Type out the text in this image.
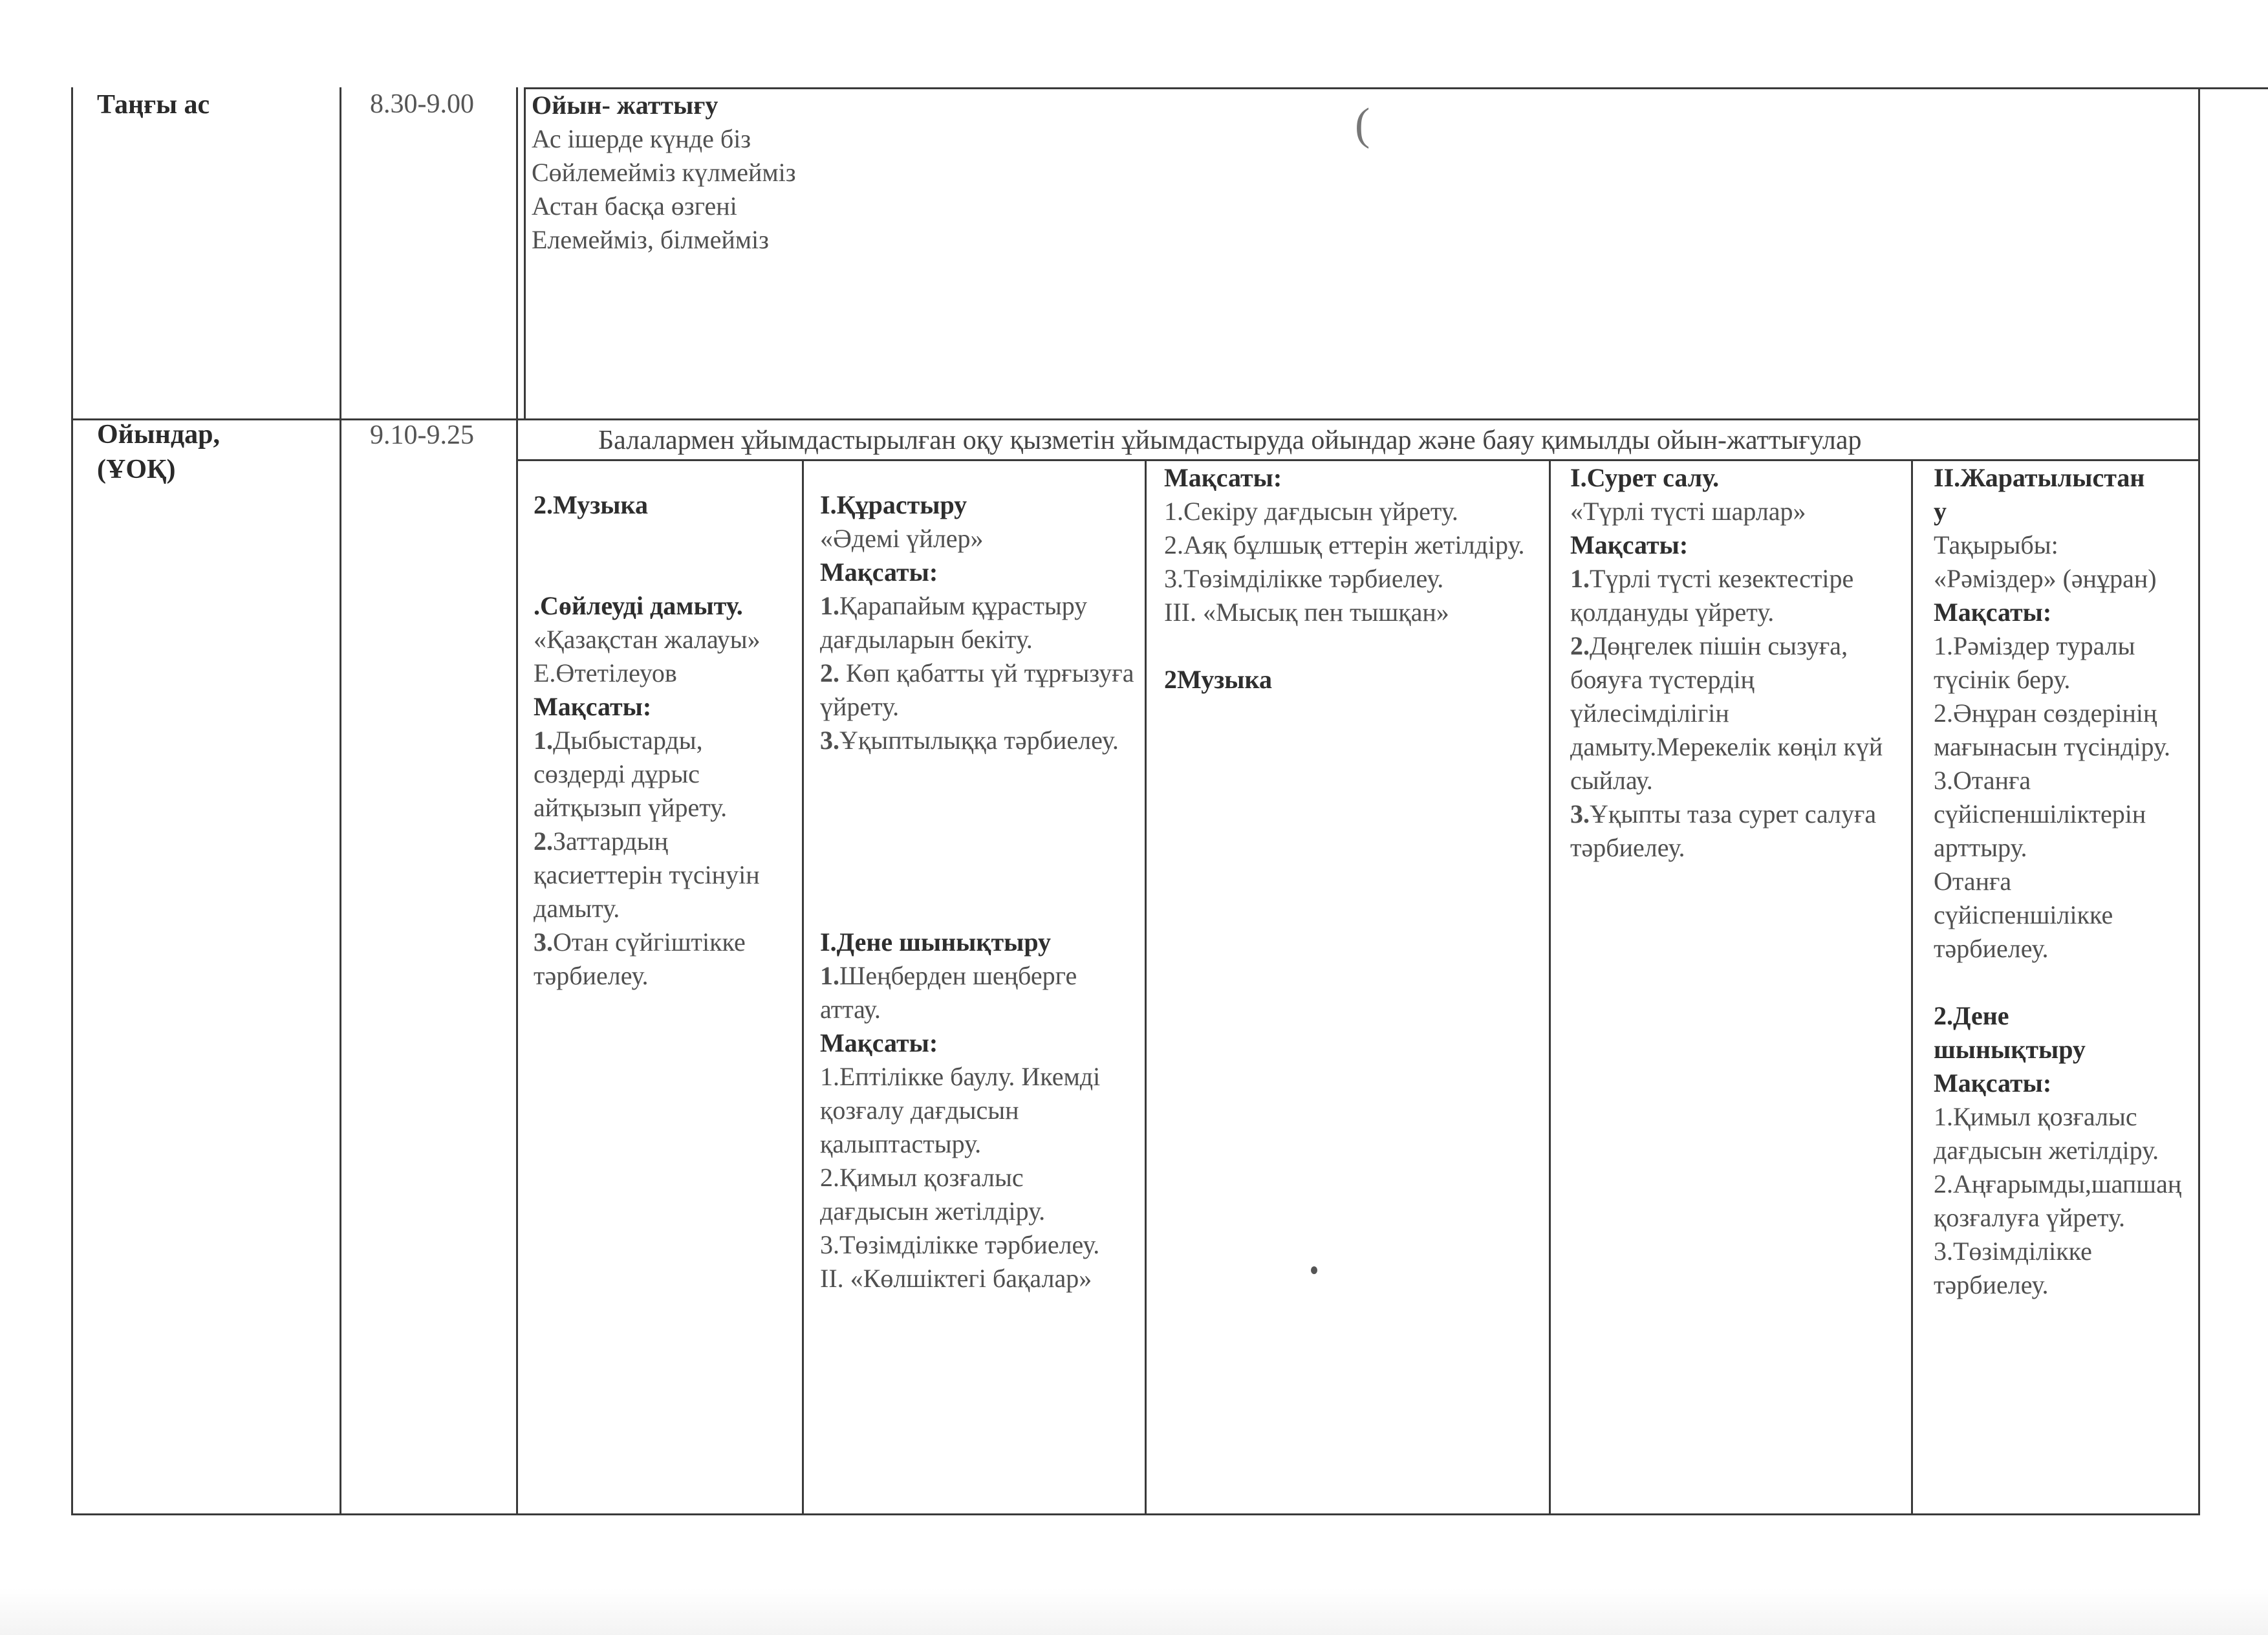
Таңғы ас	8.30-9.00 Ойын- жаттығу

Ас ішерде күнде біз

Сөйлемейміз күлмейміз

Астан басқа өзгені

Елемейміз, білмейміз

(

Ойындар,

(ҰОҚ)

9.10-9.25	Балалармен ұйымдастырылған оқу қызметін ұйымдастыруда ойындар және баяу қимылды ойын-жаттығулар

2.Музыка

.Сөйлеуді дамыту.

«Қазақстан жалауы»

Е.Өтетілеуов

Мақсаты:

1.Дыбыстарды, сөздерді дұрыс айтқызып үйрету.

2.Заттардың қасиеттерін түсінуін дамыту.

3.Отан сүйгіштікке тәрбиелеу.

І.Құрастыру

«Әдемі үйлер»

Мақсаты:

1.Қарапайым құрастыру дағдыларын бекіту.

2. Көп қабатты үй тұрғызуға үйрету.

3.Ұқыптылыққа тәрбиелеу.

І.Дене шынықтыру

1.Шеңберден шеңберге аттау.

Мақсаты:

1.Ептілікке баулу. Икемді қозғалу дағдысын қалыптастыру.

2.Қимыл қозғалыс дағдысын жетілдіру.

3.Төзімділікке тәрбиелеу.

ІІ. «Көлшіктегі бақалар»

Мақсаты:

1.Секіру дағдысын үйрету.

2.Аяқ бұлшық еттерін жетілдіру.

3.Төзімділікке тәрбиелеу.

ІІІ. «Мысық пен тышқан»

2Музыка

І.Сурет салу.

«Түрлі түсті шарлар»

Мақсаты:

1.Түрлі түсті кезектестіре қолдануды үйрету.

2.Дөңгелек пішін сызуға, бояуға түстердің үйлесімділігін дамыту.Мерекелік көңіл күй сыйлау.

3.Ұқыпты таза сурет салуға тәрбиелеу.

ІІ.Жаратылыстан

у

Тақырыбы:

«Рәміздер» (әнұран)

Мақсаты:

1.Рәміздер туралы түсінік беру.

2.Әнұран сөздерінің мағынасын түсіндіру.

3.Отанға сүйіспеншіліктерін арттыру.

Отанға сүйіспеншілікке тәрбиелеу.

2.Дене

шынықтыру

Мақсаты:

1.Қимыл қозғалыс дағдысын жетілдіру.

2.Аңғарымды,шапшаң қозғалуға үйрету.

3.Төзімділікке тәрбиелеу.
